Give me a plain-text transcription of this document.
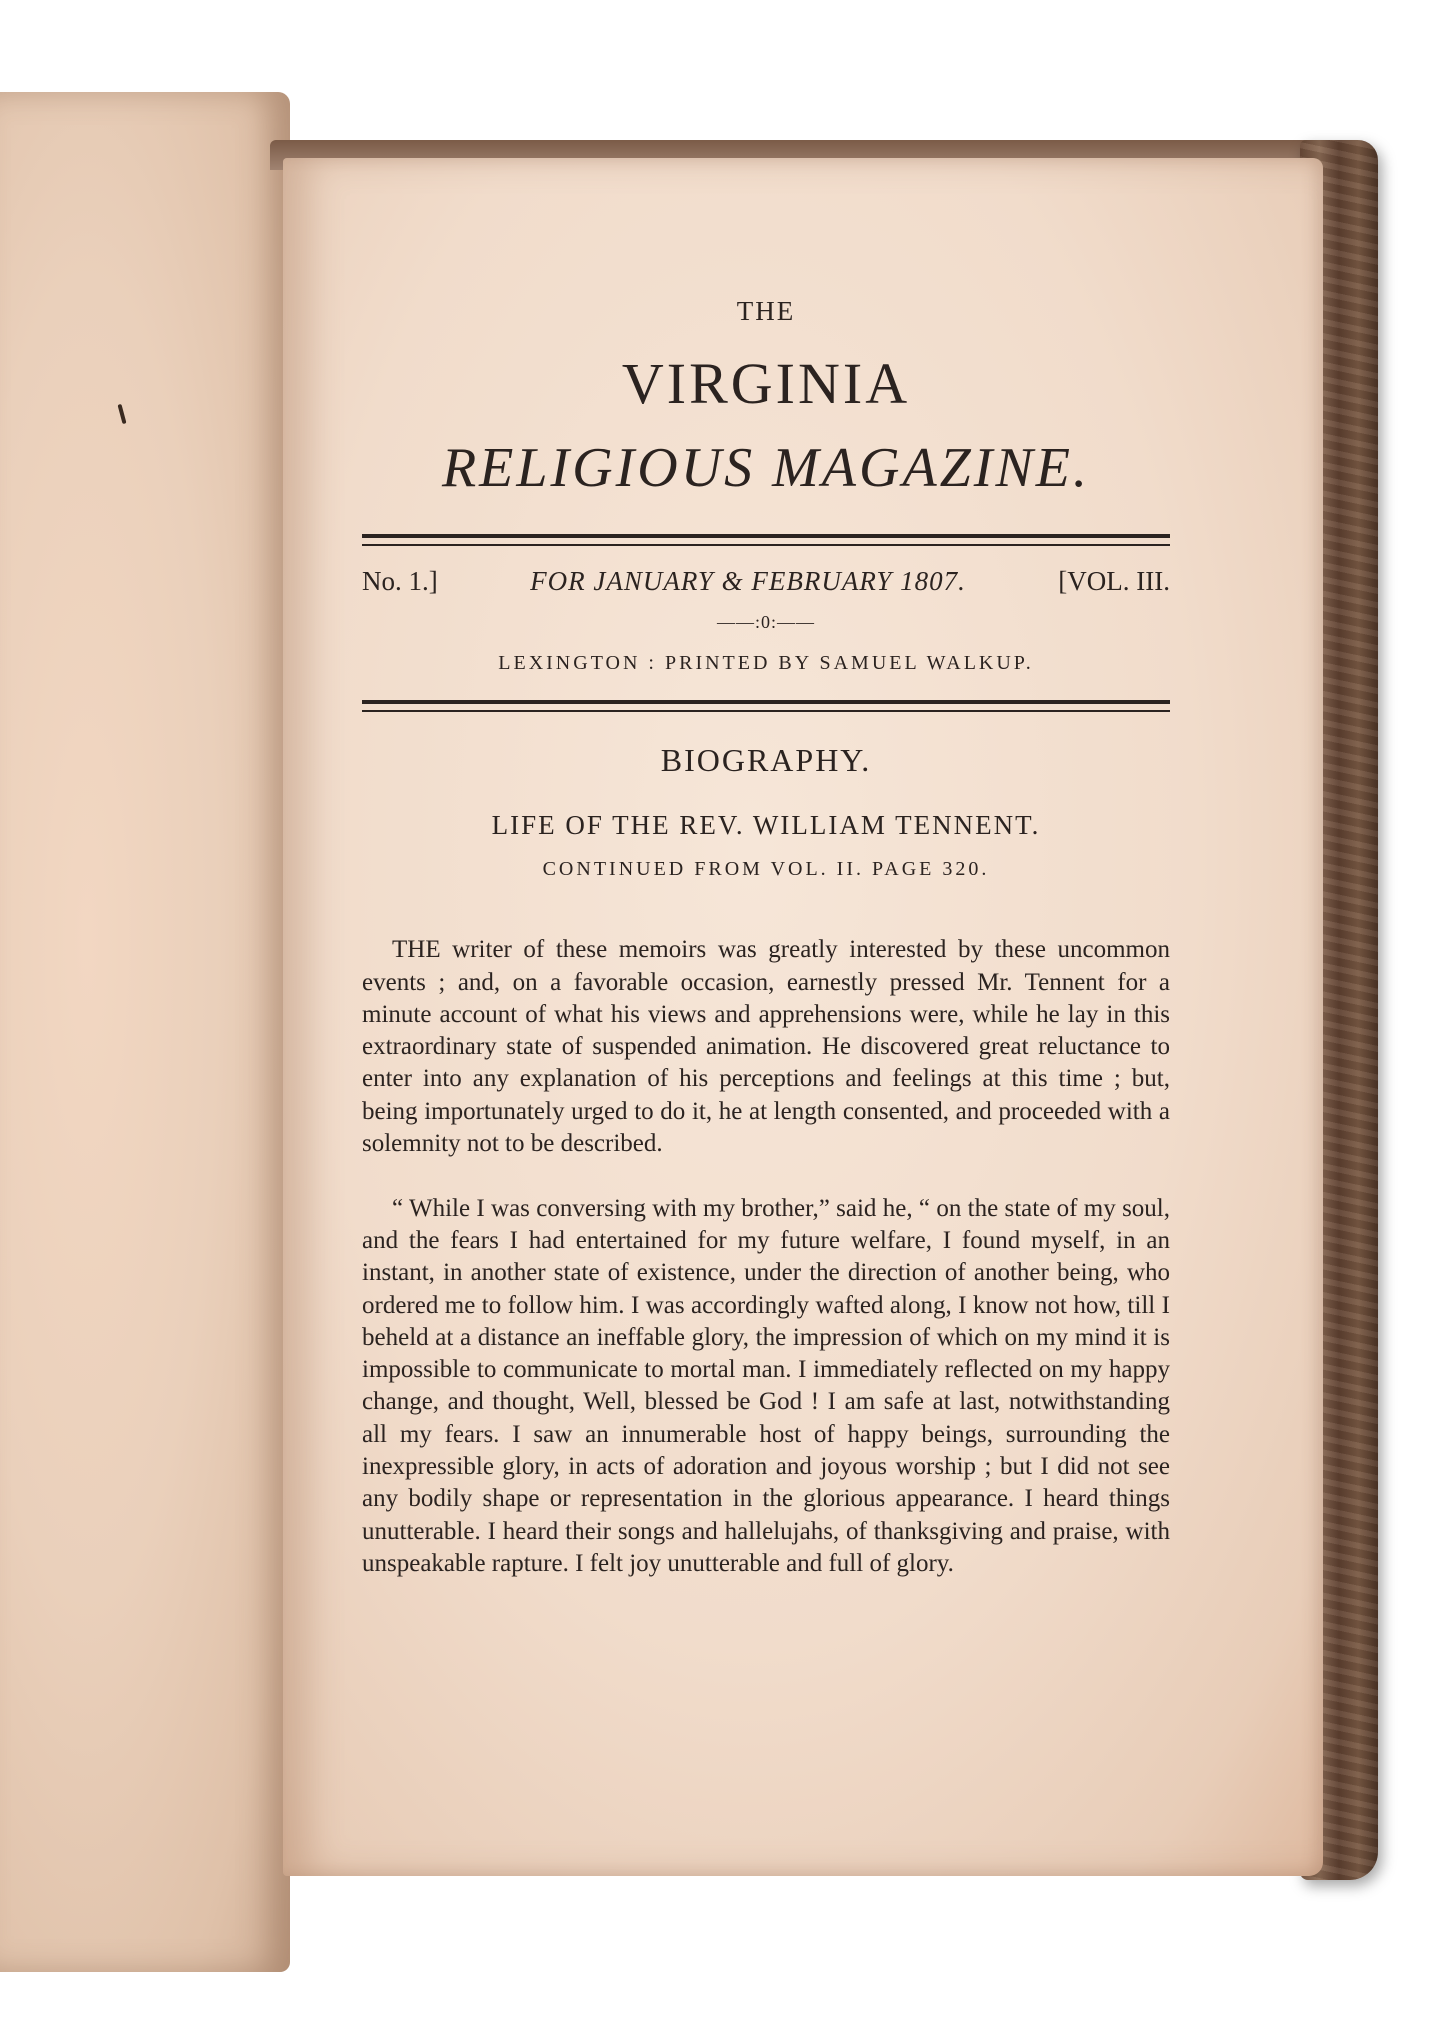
THE
VIRGINIA
RELIGIOUS MAGAZINE.
No. 1.]	FOR JANUARY & FEBRUARY 1807.	[VOL. III.
——:0:——
LEXINGTON : PRINTED BY SAMUEL WALKUP.
BIOGRAPHY.
LIFE OF THE REV. WILLIAM TENNENT.
CONTINUED FROM VOL. II. PAGE 320.

THE writer of these memoirs was greatly interested by these uncommon events ; and, on a favorable occasion, earnestly pressed Mr. Tennent for a minute account of what his views and apprehensions were, while he lay in this extraordinary state of suspended animation. He discovered great reluctance to enter into any explanation of his perceptions and feelings at this time ; but, being importunately urged to do it, he at length consented, and proceeded with a solemnity not to be described.

“ While I was conversing with my brother,” said he, “ on the state of my soul, and the fears I had entertained for my future welfare, I found myself, in an instant, in another state of existence, under the direction of another being, who ordered me to follow him. I was accordingly wafted along, I know not how, till I beheld at a distance an ineffable glory, the impression of which on my mind it is impossible to communicate to mortal man. I immediately reflected on my happy change, and thought, Well, blessed be God ! I am safe at last, notwithstanding all my fears. I saw an innumerable host of happy beings, surrounding the inexpressible glory, in acts of adoration and joyous worship ; but I did not see any bodily shape or representation in the glorious appearance. I heard things unutterable. I heard their songs and hallelujahs, of thanksgiving and praise, with unspeakable rapture. I felt joy unutterable and full of glory.
